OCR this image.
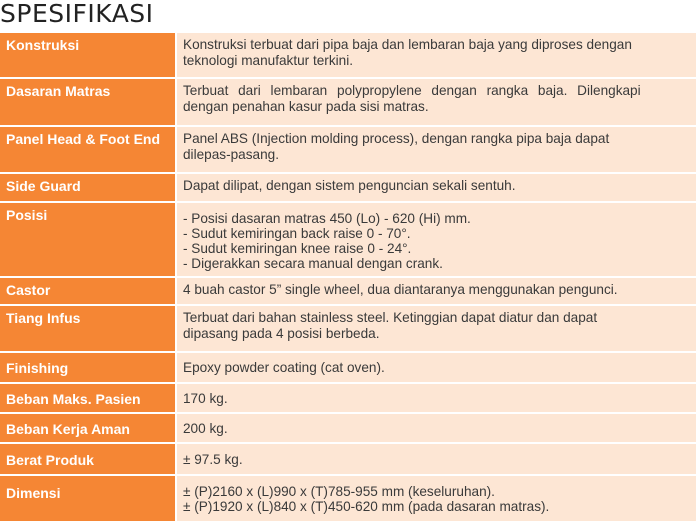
SPESIFIKASI
Konstruksi	Konstruksi terbuat dari pipa baja dan lembaran baja yang diproses dengan
teknologi manufaktur terkini.

Dasaran Matras	Terbuat dari lembaran polypropylene dengan rangka baja. Dilengkapi
dengan penahan kasur pada sisi matras.

Panel Head & Foot End	Panel ABS (Injection molding process), dengan rangka pipa baja dapat
dilepas-pasang.

Side Guard	Dapat dilipat, dengan sistem penguncian sekali sentuh.

Posisi	- Posisi dasaran matras 450 (Lo) - 620 (Hi) mm.
- Sudut kemiringan back raise 0 - 70°.
- Sudut kemiringan knee raise 0 - 24°.
- Digerakkan secara manual dengan crank.

Castor	4 buah castor 5” single wheel, dua diantaranya menggunakan pengunci.

Tiang Infus	Terbuat dari bahan stainless steel. Ketinggian dapat diatur dan dapat
dipasang pada 4 posisi berbeda.

Finishing	Epoxy powder coating (cat oven).

Beban Maks. Pasien	170 kg.

Beban Kerja Aman	200 kg.

Berat Produk	± 97.5 kg.

Dimensi	± (P)2160 x (L)990 x (T)785-955 mm (keseluruhan).
± (P)1920 x (L)840 x (T)450-620 mm (pada dasaran matras).
